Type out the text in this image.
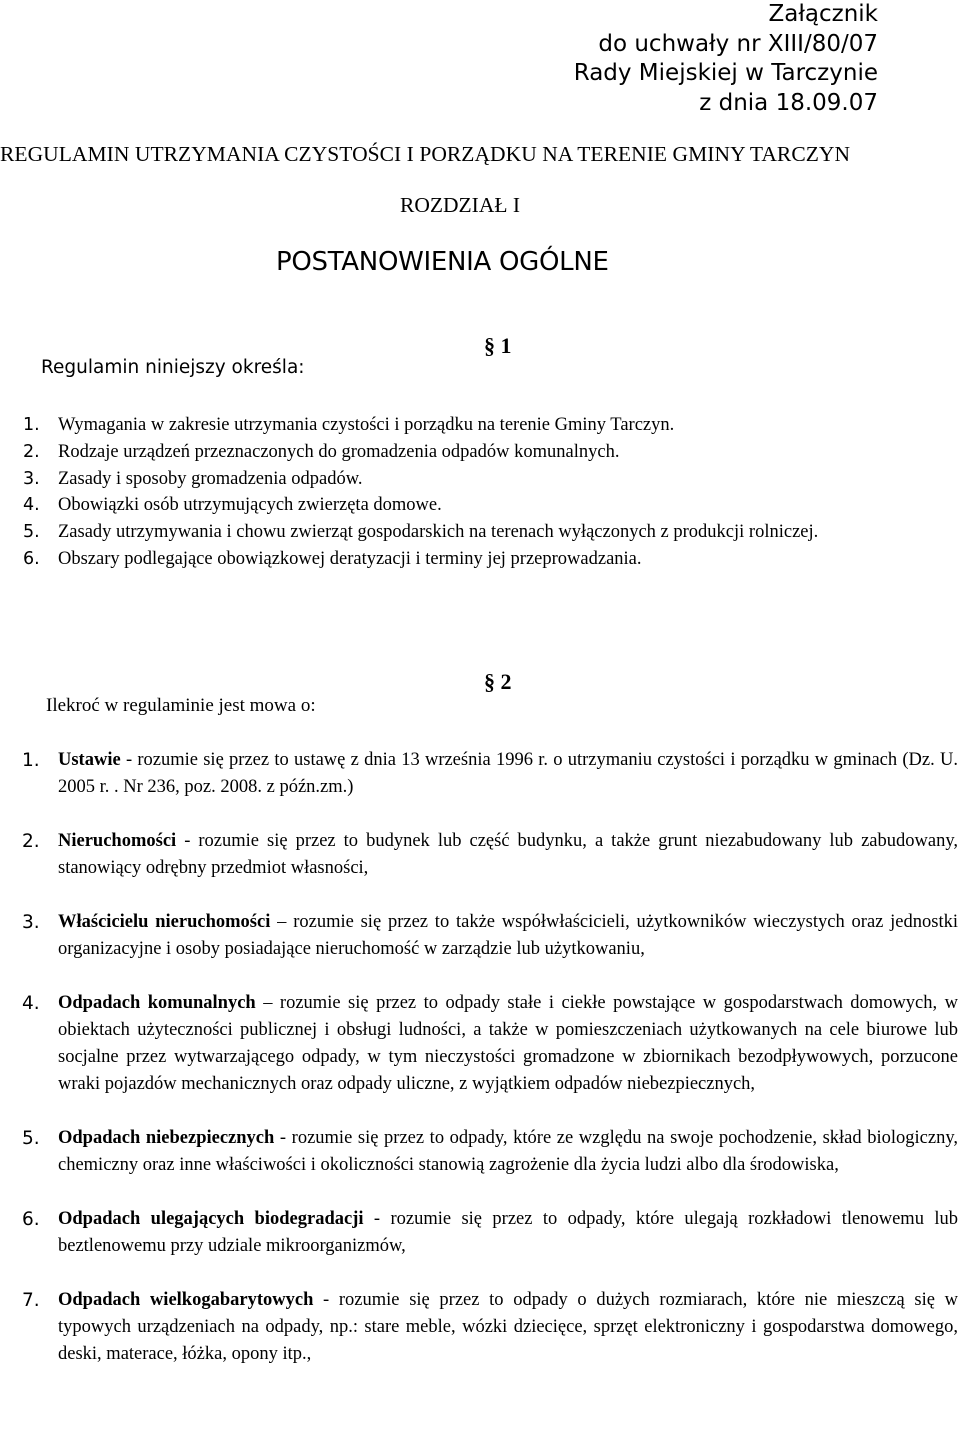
Załącznik
do uchwały nr XIII/80/07
Rady Miejskiej w Tarczynie
z dnia 18.09.07
REGULAMIN UTRZYMANIA CZYSTOŚCI I PORZĄDKU NA TERENIE GMINY TARCZYN
ROZDZIAŁ I
POSTANOWIENIA OGÓLNE
§ 1
Regulamin niniejszy określa:
1. Wymagania w zakresie utrzymania czystości i porządku na terenie Gminy Tarczyn.
2. Rodzaje urządzeń przeznaczonych do gromadzenia odpadów komunalnych.
3. Zasady i sposoby gromadzenia odpadów.
4. Obowiązki osób utrzymujących zwierzęta domowe.
5. Zasady utrzymywania i chowu zwierząt gospodarskich na terenach wyłączonych z produkcji rolniczej.
6. Obszary podlegające obowiązkowej deratyzacji i terminy jej przeprowadzania.
§ 2
Ilekroć w regulaminie jest mowa o:
1. Ustawie - rozumie się przez to ustawę z dnia 13 września 1996 r. o utrzymaniu czystości i porządku w gminach (Dz. U. 2005 r. . Nr 236, poz. 2008. z późn.zm.)
2. Nieruchomości - rozumie się przez to budynek lub część budynku, a także grunt niezabudowany lub zabudowany, stanowiący odrębny przedmiot własności,
3. Właścicielu nieruchomości – rozumie się przez to także współwłaścicieli, użytkowników wieczystych oraz jednostki organizacyjne i osoby posiadające nieruchomość w zarządzie lub użytkowaniu,
4. Odpadach komunalnych – rozumie się przez to odpady stałe i ciekłe powstające w gospodarstwach domowych, w obiektach użyteczności publicznej i obsługi ludności, a także w pomieszczeniach użytkowanych na cele biurowe lub socjalne przez wytwarzającego odpady, w tym nieczystości gromadzone w zbiornikach bezodpływowych, porzucone wraki pojazdów mechanicznych oraz odpady uliczne, z wyjątkiem odpadów niebezpiecznych,
5. Odpadach niebezpiecznych - rozumie się przez to odpady, które ze względu na swoje pochodzenie, skład biologiczny, chemiczny oraz inne właściwości i okoliczności stanowią zagrożenie dla życia ludzi albo dla środowiska,
6. Odpadach ulegających biodegradacji - rozumie się przez to odpady, które ulegają rozkładowi tlenowemu lub beztlenowemu przy udziale mikroorganizmów,
7. Odpadach wielkogabarytowych - rozumie się przez to odpady o dużych rozmiarach, które nie mieszczą się w typowych urządzeniach na odpady, np.: stare meble, wózki dziecięce, sprzęt elektroniczny i gospodarstwa domowego, deski, materace, łóżka, opony itp.,
